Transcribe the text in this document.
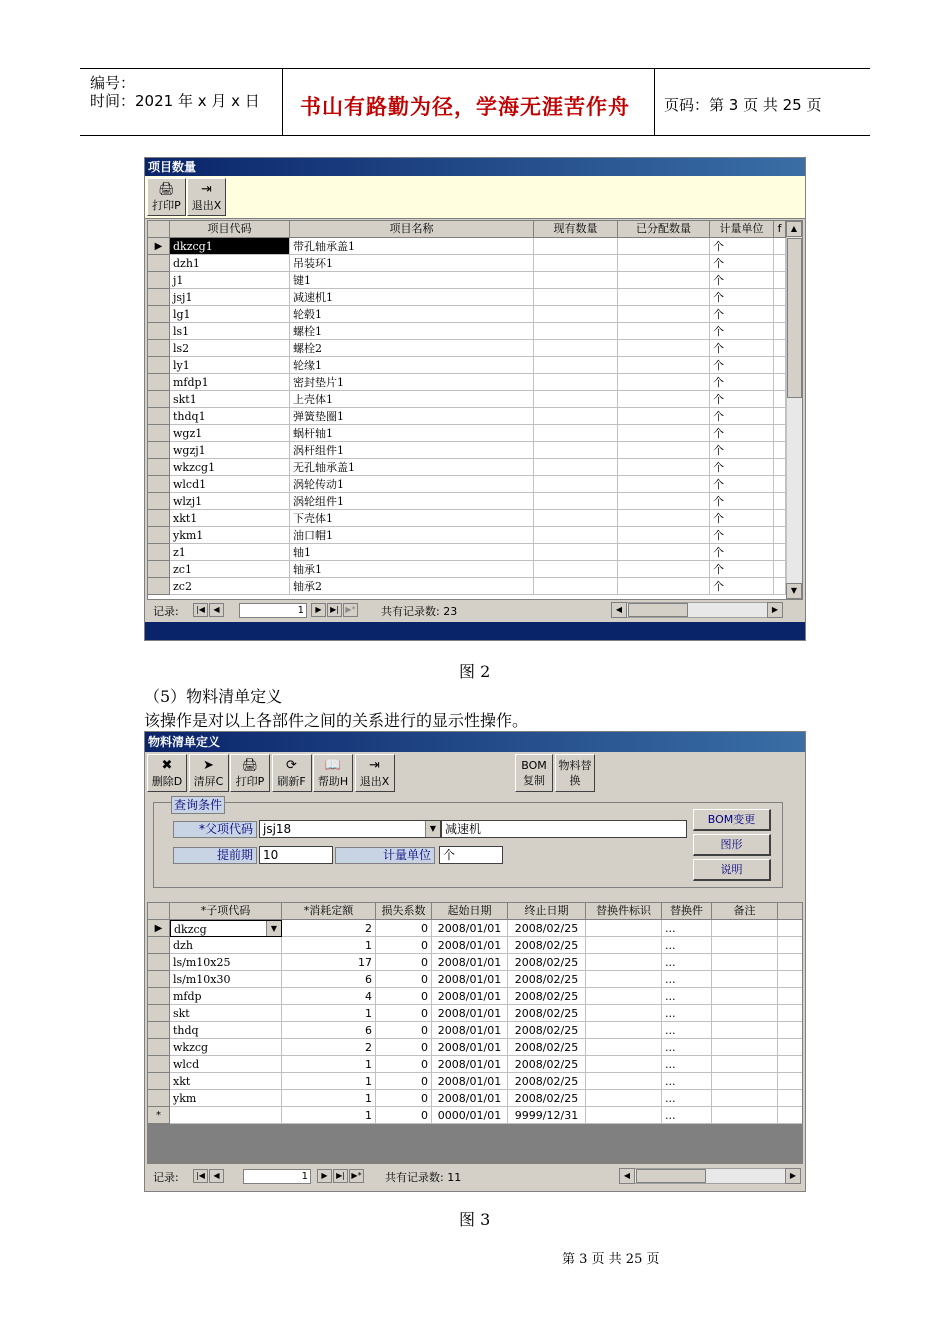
编号：
时间：2021 年 x 月 x 日 书山有路勤为径，学海无涯苦作舟 页码：第 3 页 共 25 页
项目数量
🖨
打印P
⇥
退出X
项目代码	项目名称	现有数量	已分配数量	计量单位	f
▶ dkzcg1	带孔轴承盖1	个
dzh1	吊装环1	个
j1	键1	个
jsj1	减速机1	个
lg1	轮毂1	个
ls1	螺栓1	个
ls2	螺栓2	个
ly1	轮缘1	个
mfdp1	密封垫片1	个
skt1	上壳体1	个
thdq1	弹簧垫圈1	个
wgz1	蜗杆轴1	个
wgzj1	涡杆组件1	个
wkzcg1	无孔轴承盖1	个
wlcd1	涡轮传动1	个
wlzj1	涡轮组件1	个
xkt1	下壳体1	个
ykm1	油口帽1	个
z1	轴1	个
zc1	轴承1	个
zc2	轴承2	个
▲
▼
记录:	|◀	◀	1	▶	▶| ▶* 共有记录数: 23	◀	▶
图 2
（5）物料清单定义
该操作是对以上各部件之间的关系进行的显示性操作。
物料清单定义
✖
删除D
➤
清屏C
🖨
打印P
⟳
刷新F
📖
帮助H
⇥
退出X
BOM复制
物料替换
查询条件
*父项代码 jsj18	▼ 减速机
提前期 10	计量单位	个
BOM变更
图形
说明
*子项代码	*消耗定额	损失系数	起始日期	终止日期	替换件标识	替换件	备注
▶	dkzcg	▼	2	0 2008/01/01	2008/02/25	...
dzh	1	0 2008/01/01	2008/02/25	...
ls/m10x25	17	0 2008/01/01	2008/02/25	...
ls/m10x30	6	0 2008/01/01	2008/02/25	...
mfdp	4	0 2008/01/01	2008/02/25	...
skt	1	0 2008/01/01	2008/02/25	...
thdq	6	0 2008/01/01	2008/02/25	...
wkzcg	2	0 2008/01/01	2008/02/25	...
wlcd	1	0 2008/01/01	2008/02/25	...
xkt	1	0 2008/01/01	2008/02/25	...
ykm	1	0 2008/01/01	2008/02/25	...
*	1	0 0000/01/01	9999/12/31	...
记录:	|◀	◀	1	▶	▶| ▶* 共有记录数: 11	◀	▶
图 3
第 3 页 共 25 页
